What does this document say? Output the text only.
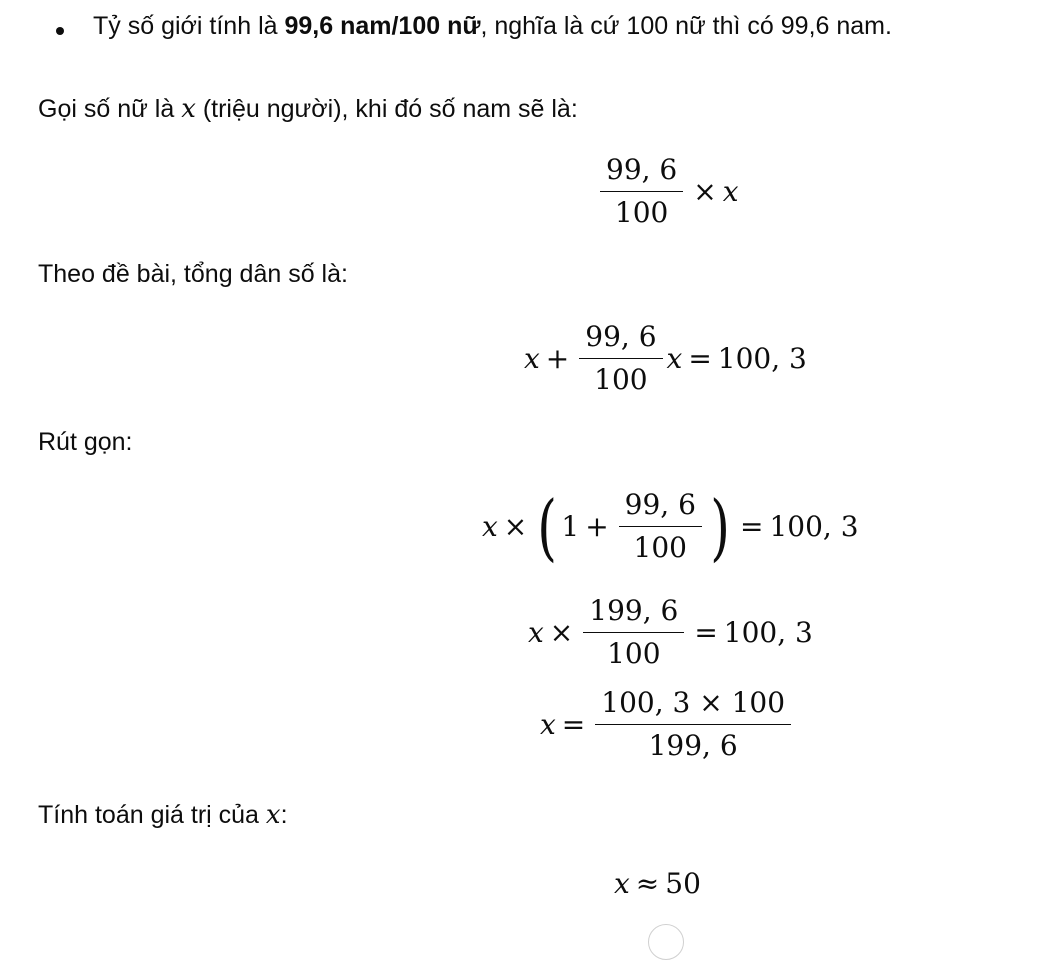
Tỷ số giới tính là 99,6 nam/100 nữ, nghĩa là cứ 100 nữ thì có 99,6 nam.
Gọi số nữ là x (triệu người), khi đó số nam sẽ là:
$\frac{99, 6}{100} \times x$
Theo đề bài, tổng dân số là:
$x + \frac{99, 6}{100}$ x = 100, 3
Rút gọn:
x × ( $1 + \frac{99, 6}{100}$ ) = 100, 3
$x \times \frac{199, 6}{100} = 100$, 3
$x = \frac{100, 3 \times 100}{199, 6}$
Tính toán giá trị của x:
x ≈ 50
